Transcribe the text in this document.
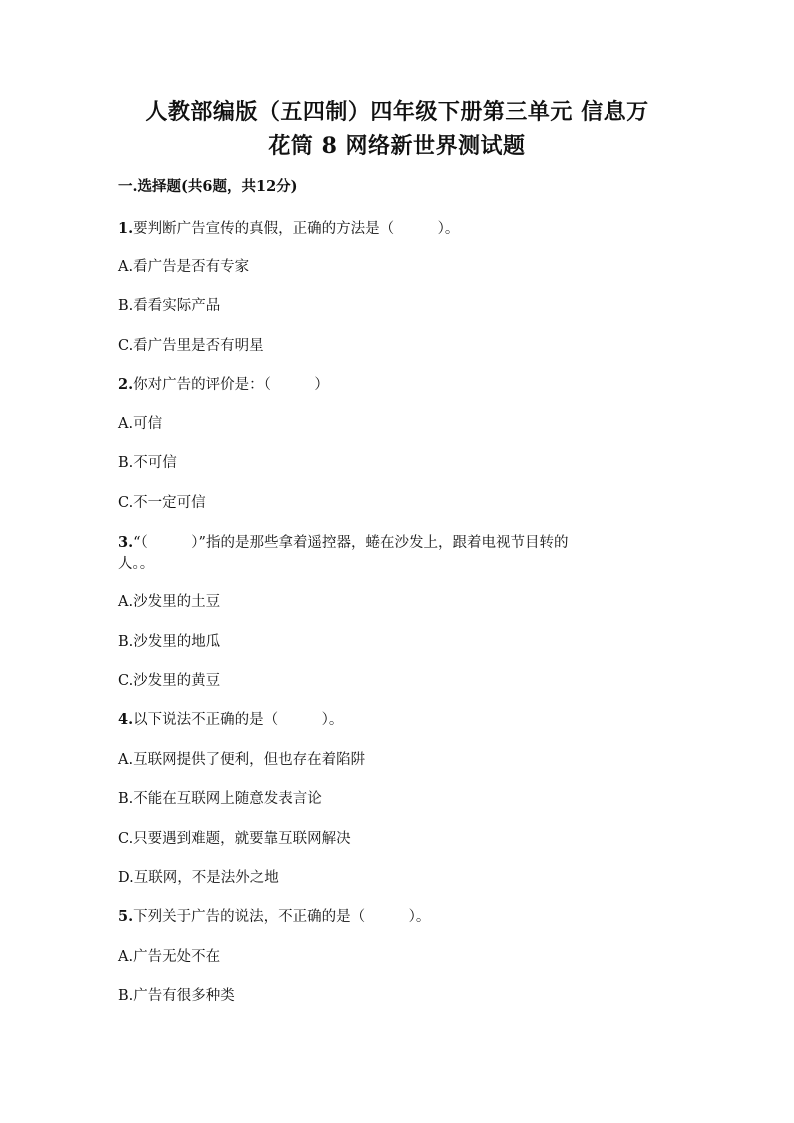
人教部编版（五四制）四年级下册第三单元 信息万
花筒 8 网络新世界测试题
一.选择题(共6题，共12分)
1.要判断广告宣传的真假，正确的方法是（　　　）。
A.看广告是否有专家
B.看看实际产品
C.看广告里是否有明星
2.你对广告的评价是：（　　　）
A.可信
B.不可信
C.不一定可信
3.“（　　　）”指的是那些拿着遥控器，蜷在沙发上，跟着电视节目转的
人。。
A.沙发里的土豆
B.沙发里的地瓜
C.沙发里的黄豆
4.以下说法不正确的是（　　　）。
A.互联网提供了便利，但也存在着陷阱
B.不能在互联网上随意发表言论
C.只要遇到难题，就要靠互联网解决
D.互联网，不是法外之地
5.下列关于广告的说法，不正确的是（　　　）。
A.广告无处不在
B.广告有很多种类
